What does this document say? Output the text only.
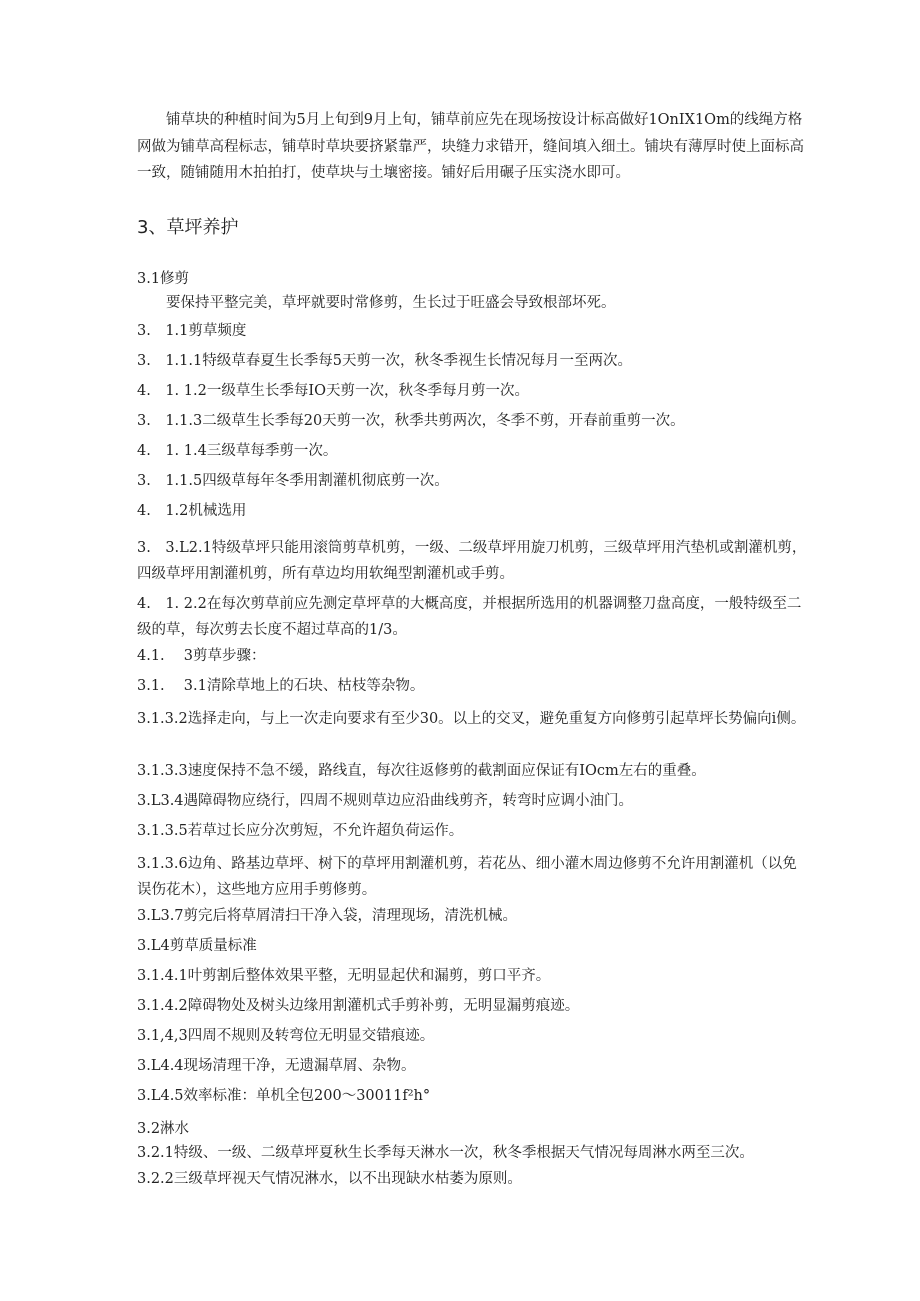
铺草块的种植时间为5月上旬到9月上旬，铺草前应先在现场按设计标高做好1OnIX1Om的线绳方格网做为铺草高程标志，铺草时草块要挤紧靠严，块缝力求错开，缝间填入细土。铺块有薄厚时使上面标高一致，随铺随用木拍拍打，使草块与土壤密接。铺好后用碾子压实浇水即可。

3、草坪养护

3.1修剪

要保持平整完美，草坪就要时常修剪，生长过于旺盛会导致根部坏死。

3.　1.1剪草频度

3.　1.1.1特级草春夏生长季每5天剪一次，秋冬季视生长情况每月一至两次。

4.　1. 1.2一级草生长季每IO天剪一次，秋冬季每月剪一次。

3.　1.1.3二级草生长季每20天剪一次，秋季共剪两次，冬季不剪，开春前重剪一次。

4.　1. 1.4三级草每季剪一次。

3.　1.1.5四级草每年冬季用割灌机彻底剪一次。

4.　1.2机械选用

3.　3.L2.1特级草坪只能用滚筒剪草机剪，一级、二级草坪用旋刀机剪，三级草坪用汽垫机或割灌机剪，四级草坪用割灌机剪，所有草边均用软绳型割灌机或手剪。

4.　1. 2.2在每次剪草前应先测定草坪草的大概高度，并根据所选用的机器调整刀盘高度，一般特级至二级的草，每次剪去长度不超过草高的1/3。

4.1.　 3剪草步骤：

3.1.　 3.1清除草地上的石块、枯枝等杂物。

3.1.3.2选择走向，与上一次走向要求有至少30。以上的交叉，避免重复方向修剪引起草坪长势偏向i侧。

3.1.3.3速度保持不急不缓，路线直，每次往返修剪的截割面应保证有IOcm左右的重叠。

3.L3.4遇障碍物应绕行，四周不规则草边应沿曲线剪齐，转弯时应调小油门。

3.1.3.5若草过长应分次剪短，不允许超负荷运作。

3.1.3.6边角、路基边草坪、树下的草坪用割灌机剪，若花丛、细小灌木周边修剪不允许用割灌机（以免误伤花木），这些地方应用手剪修剪。

3.L3.7剪完后将草屑清扫干净入袋，清理现场，清洗机械。

3.L4剪草质量标准

3.1.4.1叶剪割后整体效果平整，无明显起伏和漏剪，剪口平齐。

3.1.4.2障碍物处及树头边缘用割灌机式手剪补剪，无明显漏剪痕迹。

3.1,4,3四周不规则及转弯位无明显交错痕迹。

3.L4.4现场清理干净，无遗漏草屑、杂物。

3.L4.5效率标准：单机全包200～30011f²h°

3.2淋水

3.2.1特级、一级、二级草坪夏秋生长季每天淋水一次，秋冬季根据天气情况每周淋水两至三次。

3.2.2三级草坪视天气情况淋水，以不出现缺水枯萎为原则。
